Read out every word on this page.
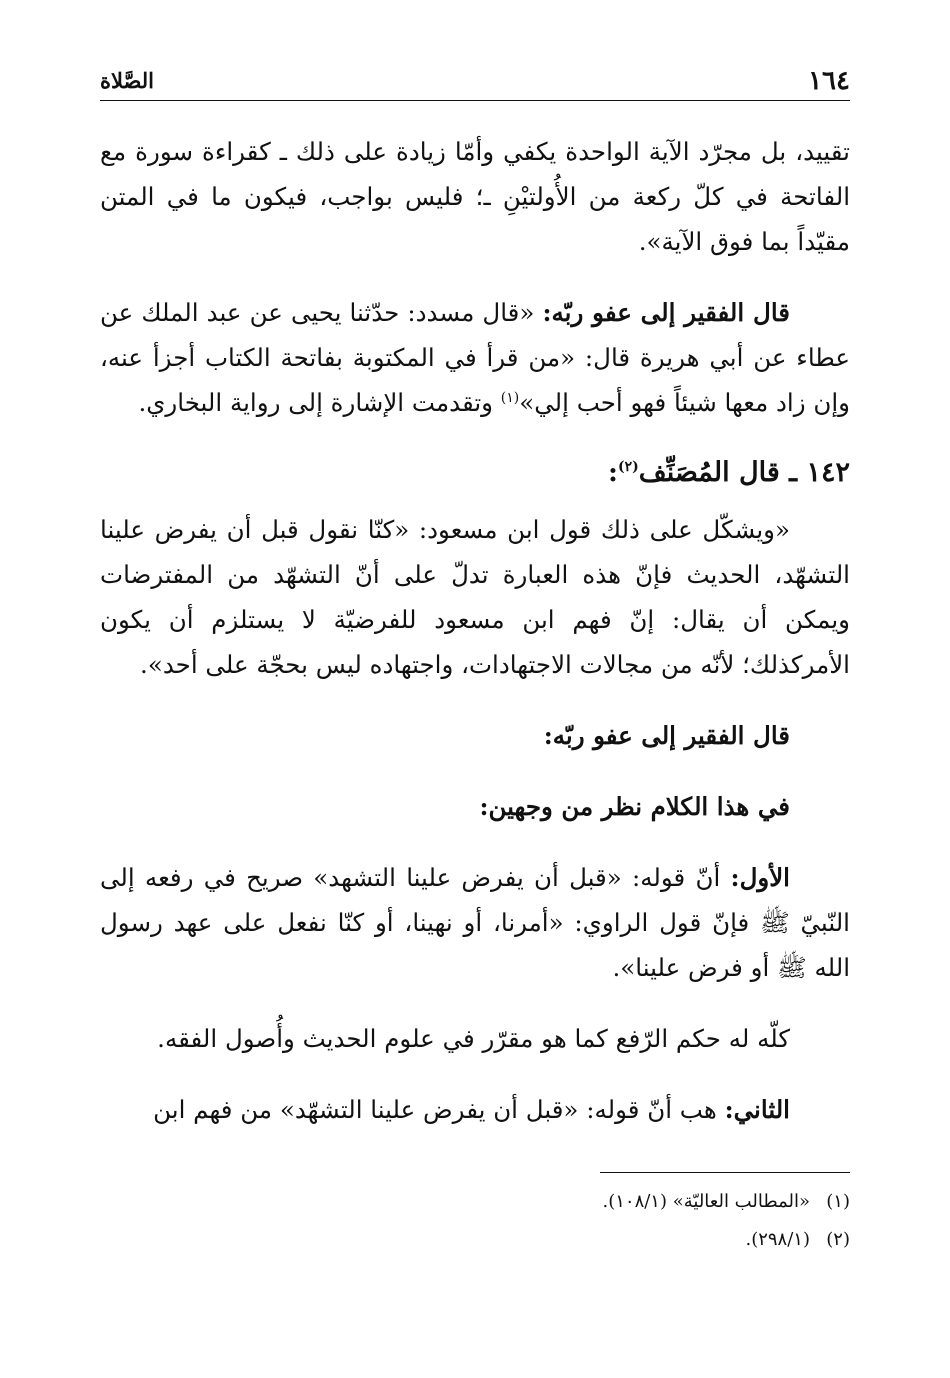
١٦٤
الصَّلاة

تقييد، بل مجرّد الآية الواحدة يكفي وأمّا زيادة على ذلك ـ كقراءة سورة مع الفاتحة في كلّ ركعة من الأُولتيْنِ ـ؛ فليس بواجب، فيكون ما في المتن مقيّداً بما فوق الآية».

قال الفقير إلى عفو ربّه: «قال مسدد: حدّثنا يحيى عن عبد الملك عن عطاء عن أبي هريرة قال: «من قرأ في المكتوبة بفاتحة الكتاب أجزأ عنه، وإن زاد معها شيئاً فهو أحب إلي»$^{(١)}$ وتقدمت الإشارة إلى رواية البخاري.

١٤٢ ـ قال المُصَنِّف$^{(٢)}$:

«ويشكّل على ذلك قول ابن مسعود: «كنّا نقول قبل أن يفرض علينا التشهّد، الحديث فإنّ هذه العبارة تدلّ على أنّ التشهّد من المفترضات ويمكن أن يقال: إنّ فهم ابن مسعود للفرضيّة لا يستلزم أن يكون الأمركذلك؛ لأنّه من مجالات الاجتهادات، واجتهاده ليس بحجّة على أحد».

قال الفقير إلى عفو ربّه:

في هذا الكلام نظر من وجهين:

الأول: أنّ قوله: «قبل أن يفرض علينا التشهد» صريح في رفعه إلى النّبيّ ﷺ فإنّ قول الراوي: «أمرنا، أو نهينا، أو كنّا نفعل على عهد رسول الله ﷺ أو فرض علينا».

كلّه له حكم الرّفع كما هو مقرّر في علوم الحديث وأُصول الفقه.

الثاني: هب أنّ قوله: «قبل أن يفرض علينا التشهّد» من فهم ابن

(١)«المطالب العاليّة» (١٠٨/١).
(٢)(٢٩٨/١).
